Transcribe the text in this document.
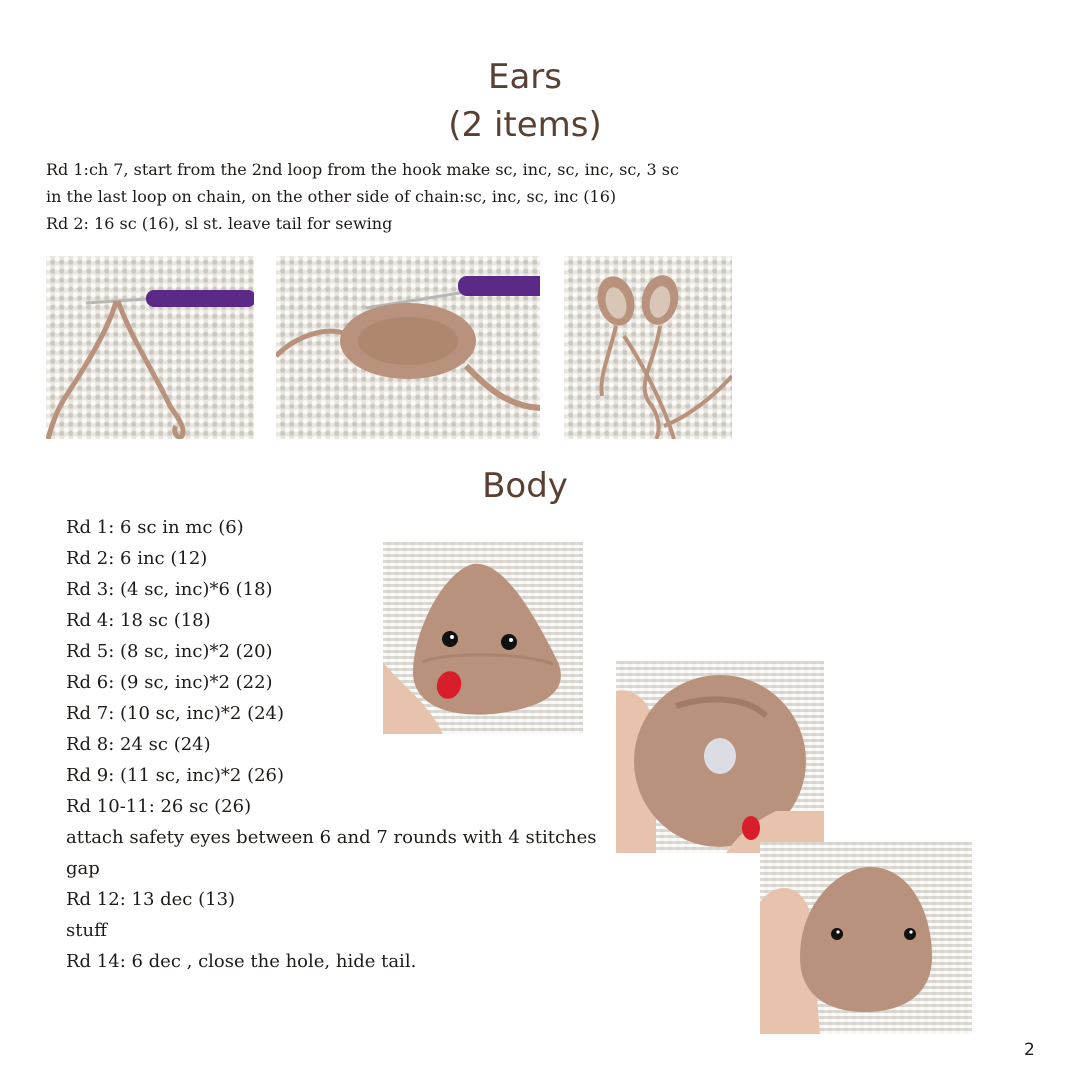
Ears
(2 items)
Rd 1:ch 7, start from the 2nd loop from the hook make sc, inc, sc, inc, sc, 3 sc
in the last loop on chain, on the other side of chain:sc, inc, sc, inc (16)
Rd 2: 16 sc (16), sl st. leave tail for sewing
Body
Rd 1: 6 sc in mc (6)
Rd 2: 6 inc (12)
Rd 3: (4 sc, inc)*6 (18)
Rd 4: 18 sc (18)
Rd 5: (8 sc, inc)*2 (20)
Rd 6: (9 sc, inc)*2 (22)
Rd 7: (10 sc, inc)*2 (24)
Rd 8: 24 sc (24)
Rd 9: (11 sc, inc)*2 (26)
Rd 10-11: 26 sc (26)
attach safety eyes between 6 and 7 rounds with 4 stitches
gap
Rd 12: 13 dec (13)
stuff
Rd 14: 6 dec , close the hole, hide tail.
2
